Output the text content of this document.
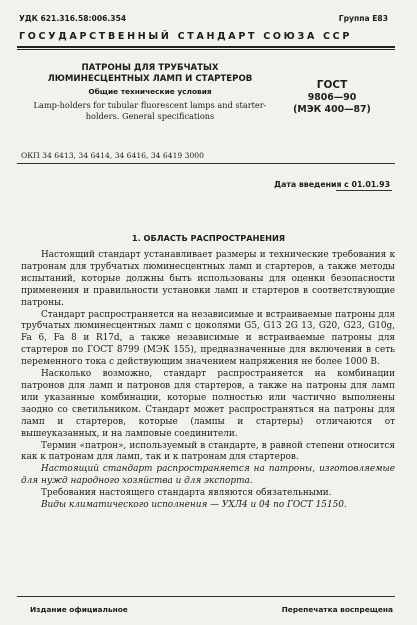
УДК 621.316.58:006.354	Группа Е83
ГОСУДАРСТВЕННЫЙ СТАНДАРТ СОЮЗА ССР
ПАТРОНЫ ДЛЯ ТРУБЧАТЫХ ЛЮМИНЕСЦЕНТНЫХ ЛАМП И СТАРТЕРОВ
Общие технические условия
Lamp-holders for tubular fluorescent lamps and starter-holders. General specifications
ГОСТ
9806—90
(МЭК 400—87)
ОКП 34 6413, 34 6414, 34 6416, 34 6419 3000
Дата введения с 01.01.93
1. ОБЛАСТЬ РАСПРОСТРАНЕНИЯ

Настоящий стандарт устанавливает размеры и технические требования к патронам для трубчатых люминесцентных ламп и стартеров, а также методы испытаний, которые должны быть использованы для оценки безопасности применения и правильности установки ламп и стартеров в соответствующие патроны.

Стандарт распространяется на независимые и встраиваемые патроны для трубчатых люминесцентных ламп с цоколями G5, G13 2G 13, G20, G23, G10g, Fa 6, Fa 8 и R17d, а также независимые и встраиваемые патроны для стартеров по ГОСТ 8799 (МЭК 155), предназначенные для включения в сеть переменного тока с действующим значением напряжения не более 1000 В.

Насколько возможно, стандарт распространяется на комбинации патронов для ламп и патронов для стартеров, а также на патроны для ламп или указанные комбинации, которые полностью или частично выполнены заодно со светильником. Стандарт может распространяться на патроны для ламп и стартеров, которые (лампы и стартеры) отличаются от вышеуказанных, и на ламповые соединители.

Термин «патрон», используемый в стандарте, в равной степени относится как к патронам для ламп, так и к патронам для стартеров.

Настоящий стандарт распространяется на патроны, изготовляемые для нужд народного хозяйства и для экспорта.

Требования настоящего стандарта являются обязательными.

Виды климатического исполнения — УХЛ4 и 04 по ГОСТ 15150.

Издание официальное	Перепечатка воспрещена
